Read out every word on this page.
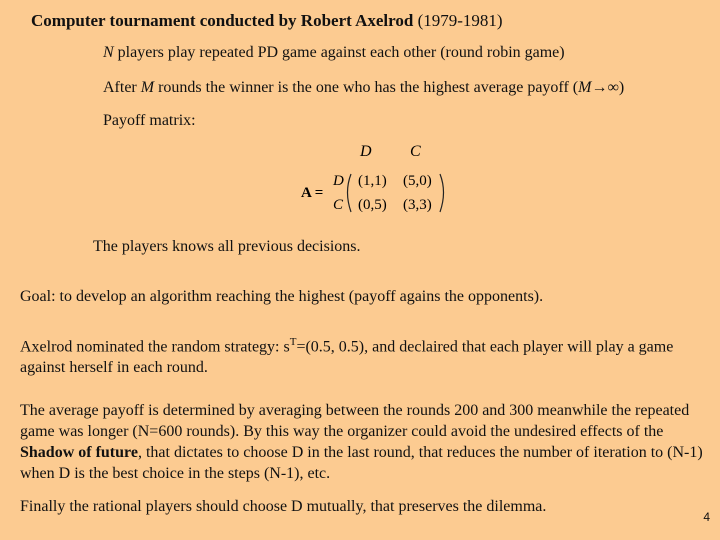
Computer tournament conducted by Robert Axelrod (1979-1981)
N players play repeated PD game against each other (round robin game)
After M rounds the winner is the one who has the highest average payoff (M→∞)
Payoff matrix:
A =
D C
D
C
(1,1) (5,0)
(0,5) (3,3)
The players knows all previous decisions.
Goal: to develop an algorithm reaching the highest (payoff agains the opponents).
Axelrod nominated the random strategy: $s^T=(0.5$, 0.5), and declaired that each player will play a game against herself in each round.
The average payoff is determined by averaging between the rounds 200 and 300 meanwhile the repeated game was longer (N=600 rounds). By this way the organizer could avoid the undesired effects of the Shadow of future, that dictates to choose D in the last round, that reduces the number of iteration to (N-1) when D is the best choice in the steps (N-1), etc.
Finally the rational players should choose D mutually, that preserves the dilemma.
4
